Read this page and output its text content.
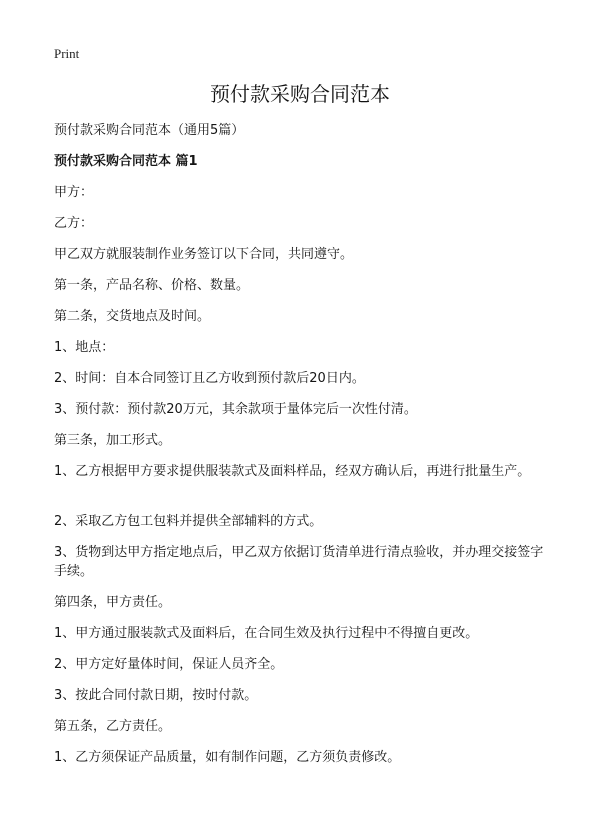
Print
预付款采购合同范本

预付款采购合同范本（通用5篇）

预付款采购合同范本 篇1

甲方：

乙方：

甲乙双方就服装制作业务签订以下合同，共同遵守。

第一条，产品名称、价格、数量。

第二条，交货地点及时间。

1、地点：

2、时间：自本合同签订且乙方收到预付款后20日内。

3、预付款：预付款20万元，其余款项于量体完后一次性付清。

第三条，加工形式。

1、乙方根据甲方要求提供服装款式及面料样品，经双方确认后，再进行批量生产。

2、采取乙方包工包料并提供全部辅料的方式。

3、货物到达甲方指定地点后，甲乙双方依据订货清单进行清点验收，并办理交接签字手续。

第四条，甲方责任。

1、甲方通过服装款式及面料后，在合同生效及执行过程中不得擅自更改。

2、甲方定好量体时间，保证人员齐全。

3、按此合同付款日期，按时付款。

第五条，乙方责任。

1、乙方须保证产品质量，如有制作问题，乙方须负责修改。
